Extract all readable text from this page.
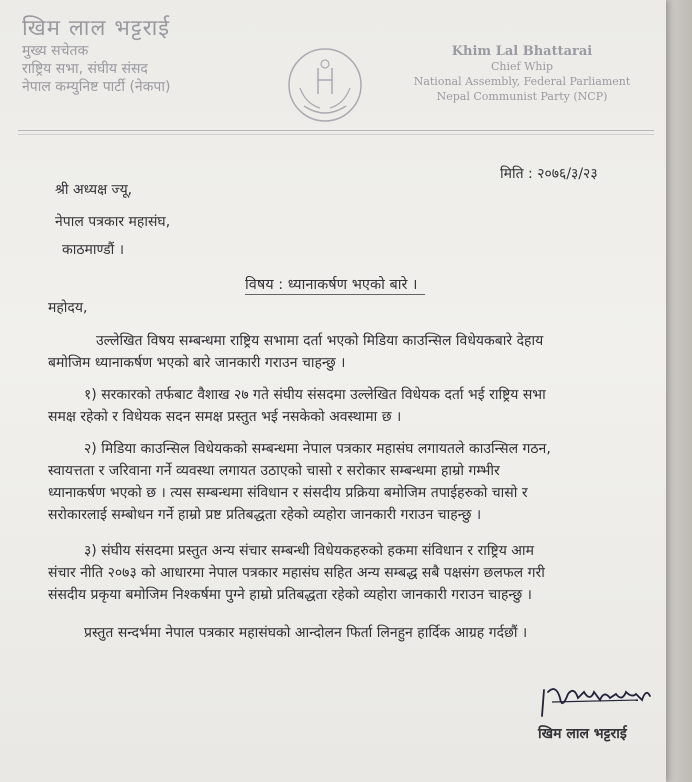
खिम लाल भट्टराई
मुख्य सचेतक
राष्ट्रिय सभा, संघीय संसद
नेपाल कम्युनिष्ट पार्टी (नेकपा)
Khim Lal Bhattarai
Chief Whip
National Assembly, Federal Parliament
Nepal Communist Party (NCP)
मिति : २०७६/३/२३
श्री अध्यक्ष ज्यू,
नेपाल पत्रकार महासंघ,
काठमाण्डौं ।
विषय : ध्यानाकर्षण भएको बारे ।
महोदय,
उल्लेखित विषय सम्बन्धमा राष्ट्रिय सभामा दर्ता भएको मिडिया काउन्सिल विधेयकबारे देहाय
बमोजिम ध्यानाकर्षण भएको बारे जानकारी गराउन चाहन्छु ।
१) सरकारको तर्फबाट वैशाख २७ गते संघीय संसदमा उल्लेखित विधेयक दर्ता भई राष्ट्रिय सभा
समक्ष रहेको र विधेयक सदन समक्ष प्रस्तुत भई नसकेको अवस्थामा छ ।
२) मिडिया काउन्सिल विधेयकको सम्बन्धमा नेपाल पत्रकार महासंघ लगायतले काउन्सिल गठन,
स्वायत्तता र जरिवाना गर्ने व्यवस्था लगायत उठाएको चासो र सरोकार सम्बन्धमा हाम्रो गम्भीर
ध्यानाकर्षण भएको छ । त्यस सम्बन्धमा संविधान र संसदीय प्रक्रिया बमोजिम तपाईहरुको चासो र
सरोकारलाई सम्बोधन गर्ने हाम्रो प्रष्ट प्रतिबद्धता रहेको व्यहोरा जानकारी गराउन चाहन्छु ।
३) संघीय संसदमा प्रस्तुत अन्य संचार सम्बन्धी विधेयकहरुको हकमा संविधान र राष्ट्रिय आम
संचार नीति २०७३ को आधारमा नेपाल पत्रकार महासंघ सहित अन्य सम्बद्ध सबै पक्षसंग छलफल गरी
संसदीय प्रकृया बमोजिम निश्कर्षमा पुग्ने हाम्रो प्रतिबद्धता रहेको व्यहोरा जानकारी गराउन चाहन्छु ।
प्रस्तुत सन्दर्भमा नेपाल पत्रकार महासंघको आन्दोलन फिर्ता लिनहुन हार्दिक आग्रह गर्दछौं ।
खिम लाल भट्टराई
